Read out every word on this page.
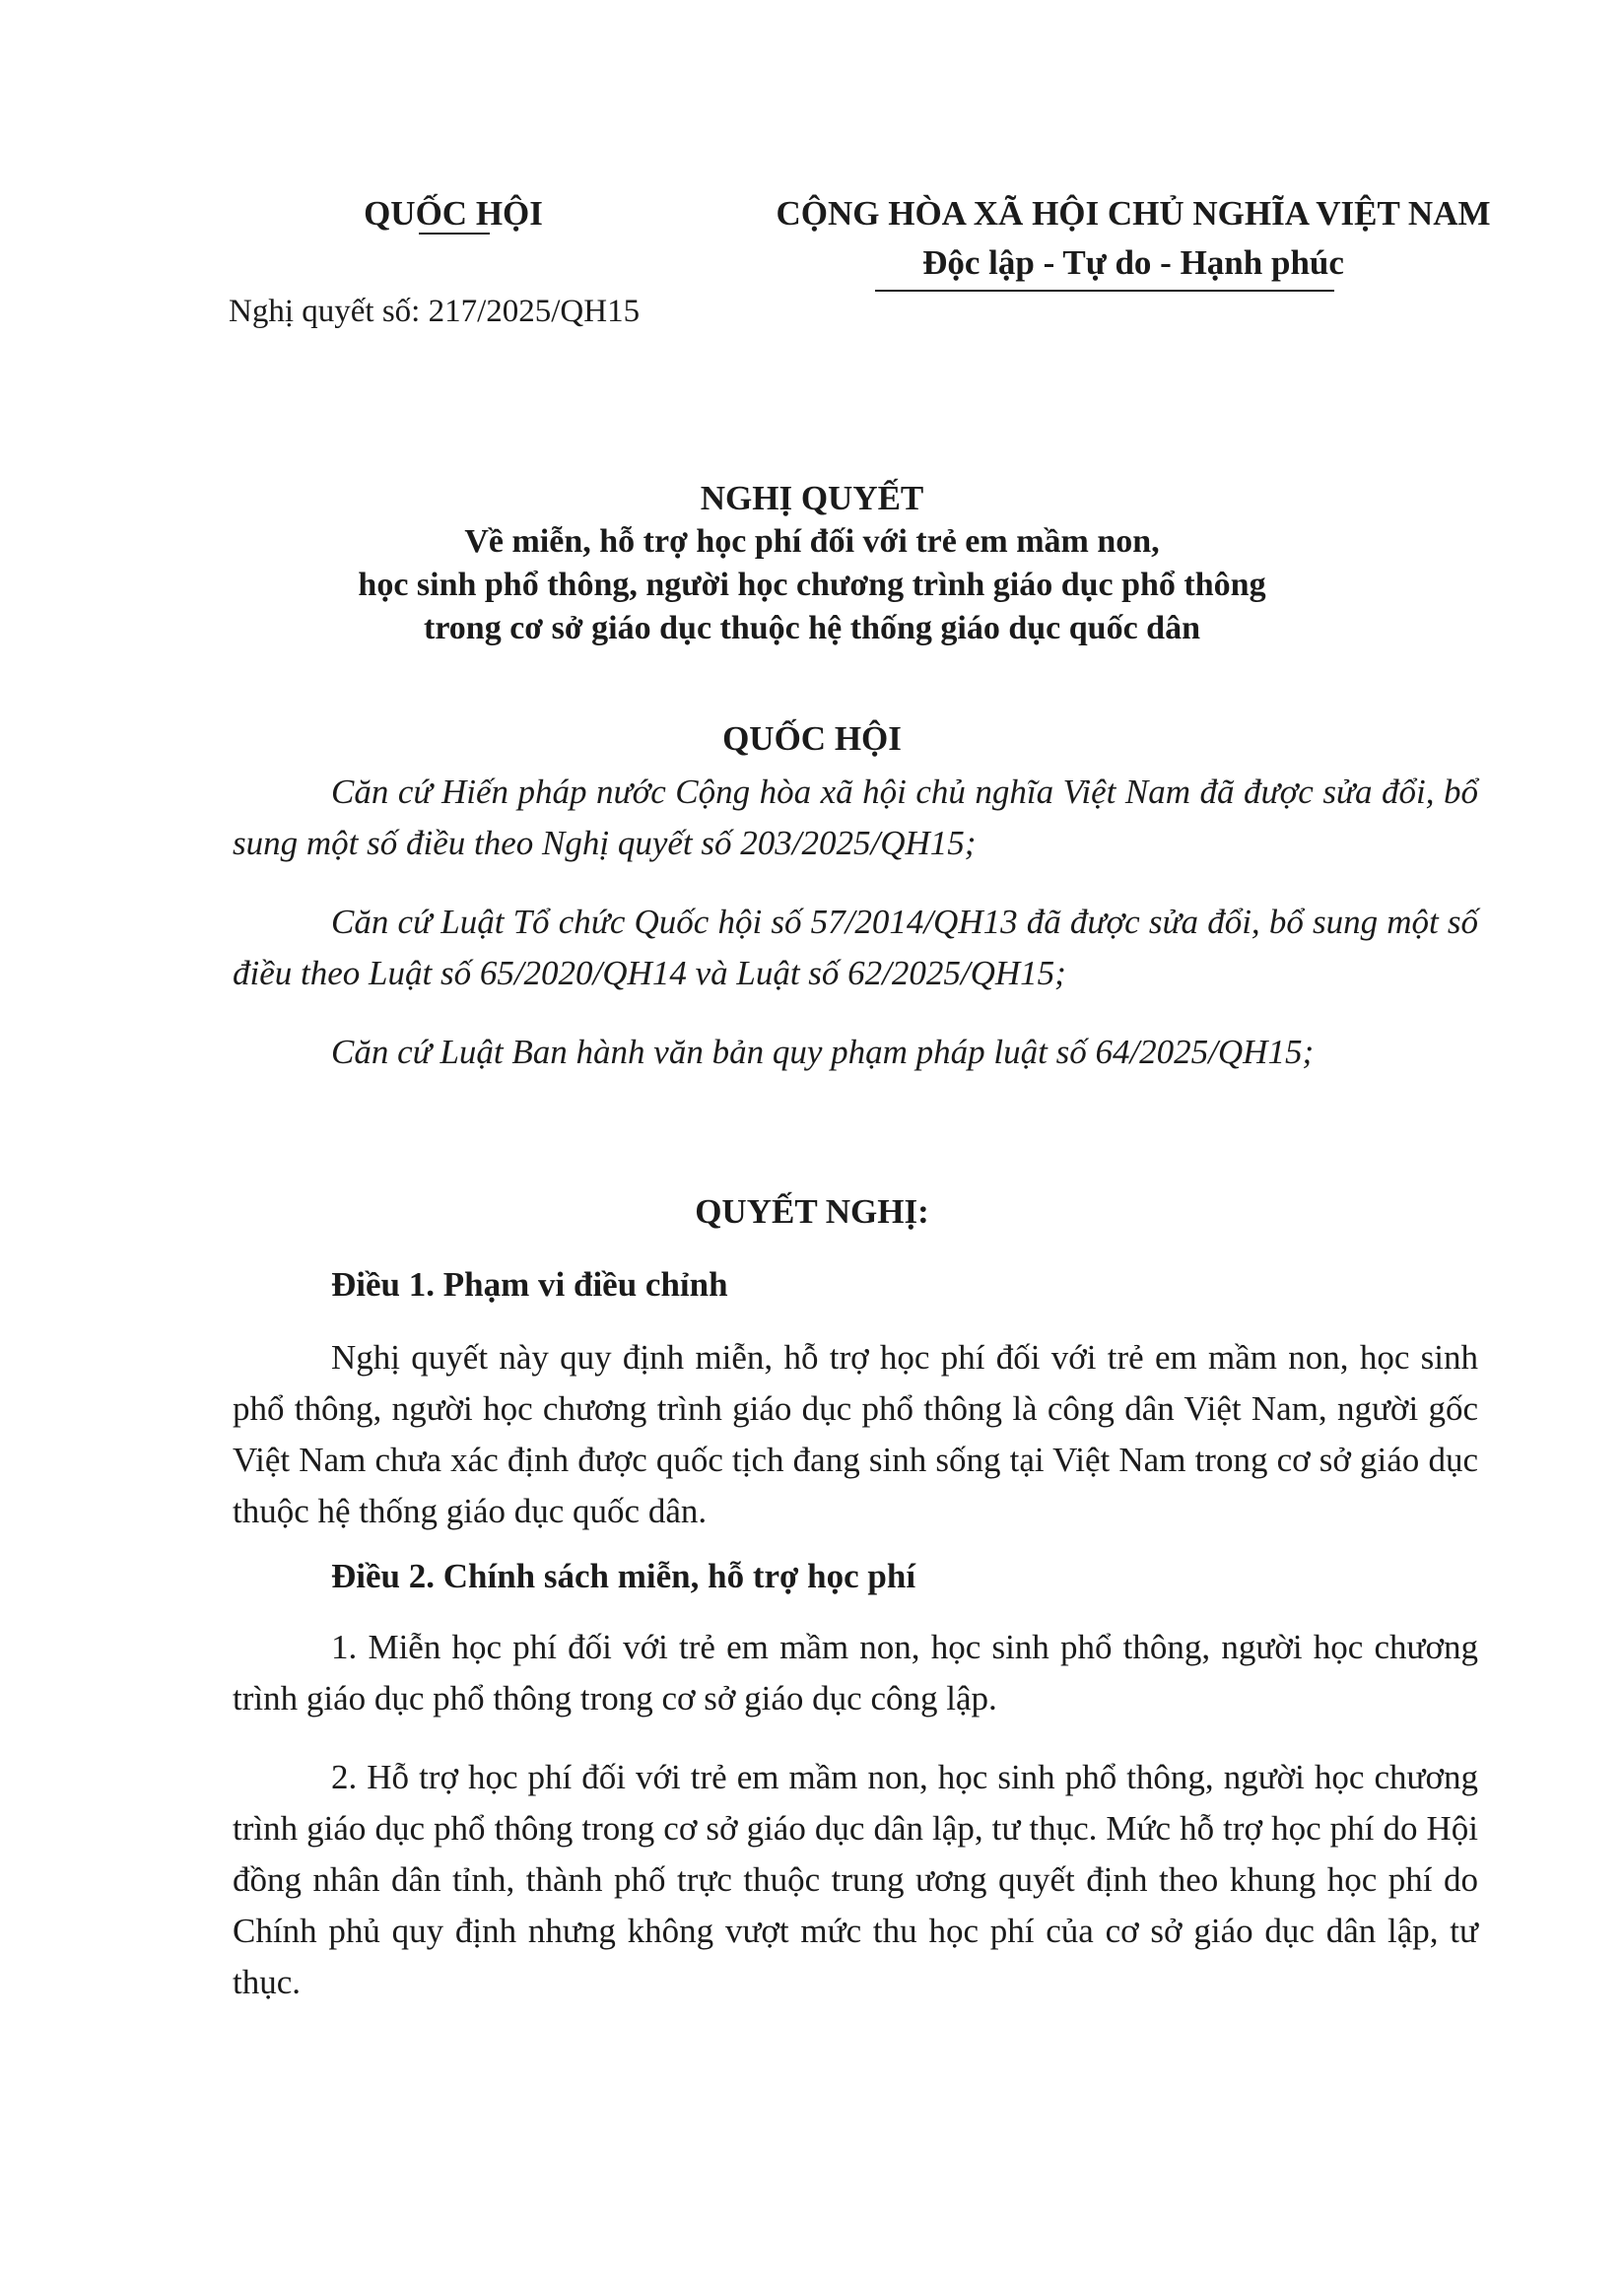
QUỐC HỘI
Nghị quyết số: 217/2025/QH15
CỘNG HÒA XÃ HỘI CHỦ NGHĨA VIỆT NAM
Độc lập - Tự do - Hạnh phúc
NGHỊ QUYẾT
Về miễn, hỗ trợ học phí đối với trẻ em mầm non,
học sinh phổ thông, người học chương trình giáo dục phổ thông
trong cơ sở giáo dục thuộc hệ thống giáo dục quốc dân
QUỐC HỘI

Căn cứ Hiến pháp nước Cộng hòa xã hội chủ nghĩa Việt Nam đã được sửa đổi, bổ sung một số điều theo Nghị quyết số 203/2025/QH15;

Căn cứ Luật Tổ chức Quốc hội số 57/2014/QH13 đã được sửa đổi, bổ sung một số điều theo Luật số 65/2020/QH14 và Luật số 62/2025/QH15;

Căn cứ Luật Ban hành văn bản quy phạm pháp luật số 64/2025/QH15;

QUYẾT NGHỊ:
Điều 1. Phạm vi điều chỉnh

Nghị quyết này quy định miễn, hỗ trợ học phí đối với trẻ em mầm non, học sinh phổ thông, người học chương trình giáo dục phổ thông là công dân Việt Nam, người gốc Việt Nam chưa xác định được quốc tịch đang sinh sống tại Việt Nam trong cơ sở giáo dục thuộc hệ thống giáo dục quốc dân.

Điều 2. Chính sách miễn, hỗ trợ học phí

1. Miễn học phí đối với trẻ em mầm non, học sinh phổ thông, người học chương trình giáo dục phổ thông trong cơ sở giáo dục công lập.

2. Hỗ trợ học phí đối với trẻ em mầm non, học sinh phổ thông, người học chương trình giáo dục phổ thông trong cơ sở giáo dục dân lập, tư thục. Mức hỗ trợ học phí do Hội đồng nhân dân tỉnh, thành phố trực thuộc trung ương quyết định theo khung học phí do Chính phủ quy định nhưng không vượt mức thu học phí của cơ sở giáo dục dân lập, tư thục.
